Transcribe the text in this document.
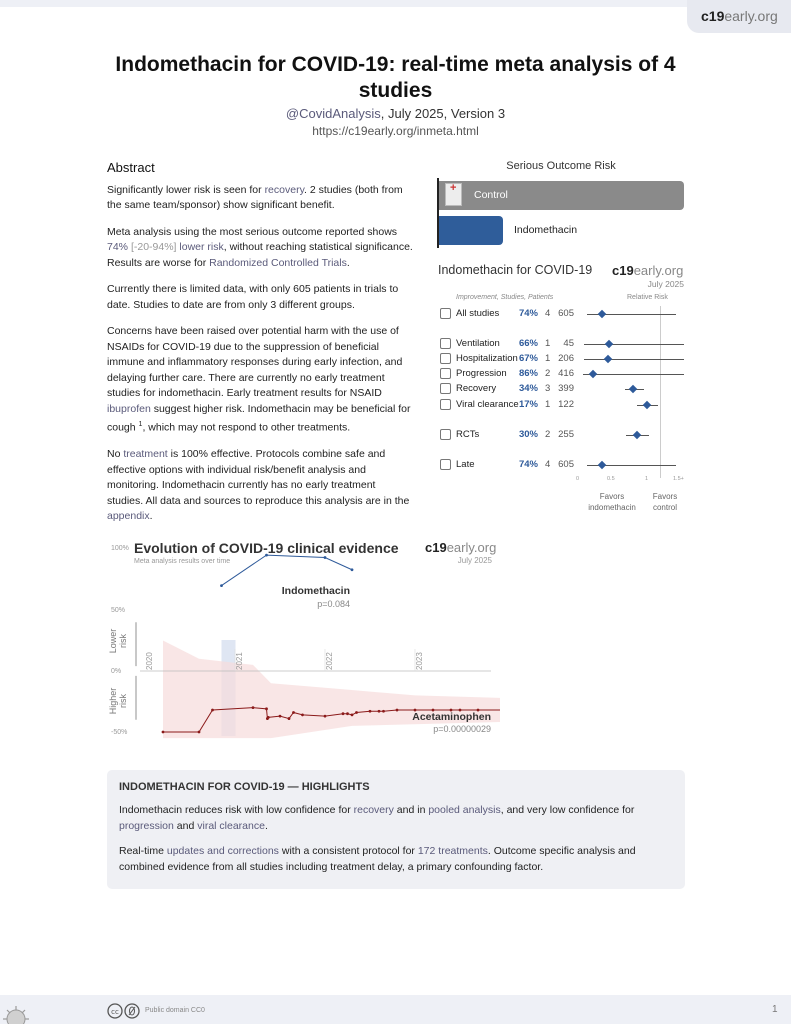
c19early.org
Indomethacin for COVID-19: real-time meta analysis of 4 studies
@CovidAnalysis, July 2025, Version 3
https://c19early.org/inmeta.html
Abstract

Significantly lower risk is seen for recovery. 2 studies (both from the same team/sponsor) show significant benefit.

Meta analysis using the most serious outcome reported shows 74% [-20-94%] lower risk, without reaching statistical significance. Results are worse for Randomized Controlled Trials.

Currently there is limited data, with only 605 patients in trials to date. Studies to date are from only 3 different groups.

Concerns have been raised over potential harm with the use of NSAIDs for COVID-19 due to the suppression of beneficial immune and inflammatory responses during early infection, and delaying further care. There are currently no early treatment studies for indomethacin. Early treatment results for NSAID ibuprofen suggest higher risk. Indomethacin may be beneficial for cough $^1$, which may not respond to other treatments.

No treatment is 100% effective. Protocols combine safe and effective options with individual risk/benefit analysis and monitoring. Indomethacin currently has no early treatment studies. All data and sources to reproduce this analysis are in the appendix.

Serious Outcome Risk
+
Control
Indomethacin
Indomethacin for COVID-19 c19early.org
July 2025
Improvement, Studies, Patients	Relative Risk
All studies	74% 4 605
Ventilation	66% 1	45
Hospitalization 67% 1 206
Progression	86% 2 416
Recovery	34% 3 399
Viral clearance 17% 1 122
RCTs	30% 2 255
Late	74% 4 605
0	0.5	1	1.5+
Favors indomethacin
Favors control
Evolution of COVID-19 clinical evidence
Meta analysis results over time
c19early.org
July 2025
100%
50%
0%
-50%
Lower risk
Higher risk
2020	2021	2022	2023
Indomethacin
p=0.084
Acetaminophen
p=0.00000029
INDOMETHACIN FOR COVID-19 — HIGHLIGHTS

Indomethacin reduces risk with low confidence for recovery and in pooled analysis, and very low confidence for progression and viral clearance.

Real-time updates and corrections with a consistent protocol for 172 treatments. Outcome specific analysis and combined evidence from all studies including treatment delay, a primary confounding factor.

cc	Public domain CC0	1
